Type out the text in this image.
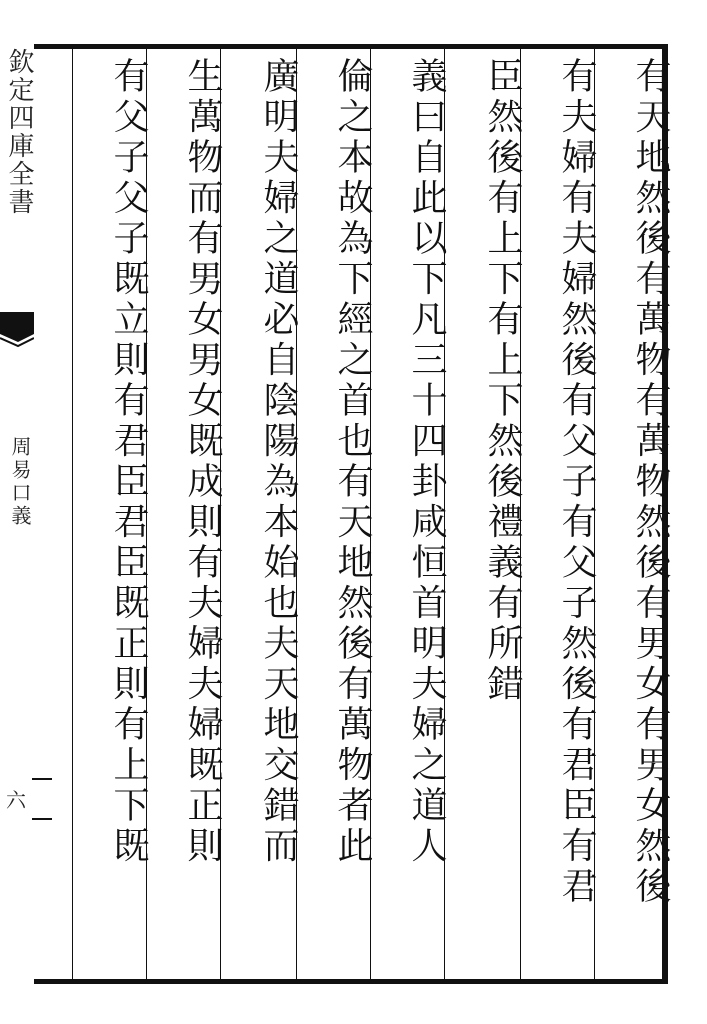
欽定四庫全書
周易口義
六	有天地然後有萬物有萬物然後有男女有男女然後
有夫婦有夫婦然後有父子有父子然後有君臣有君
臣然後有上下有上下然後禮義有所錯
義曰自此以下凡三十四卦咸恒首明夫婦之道人
倫之本故為下經之首也有天地然後有萬物者此
廣明夫婦之道必自陰陽為本始也夫天地交錯而
生萬物而有男女男女既成則有夫婦夫婦既正則
有父子父子既立則有君臣君臣既正則有上下既
